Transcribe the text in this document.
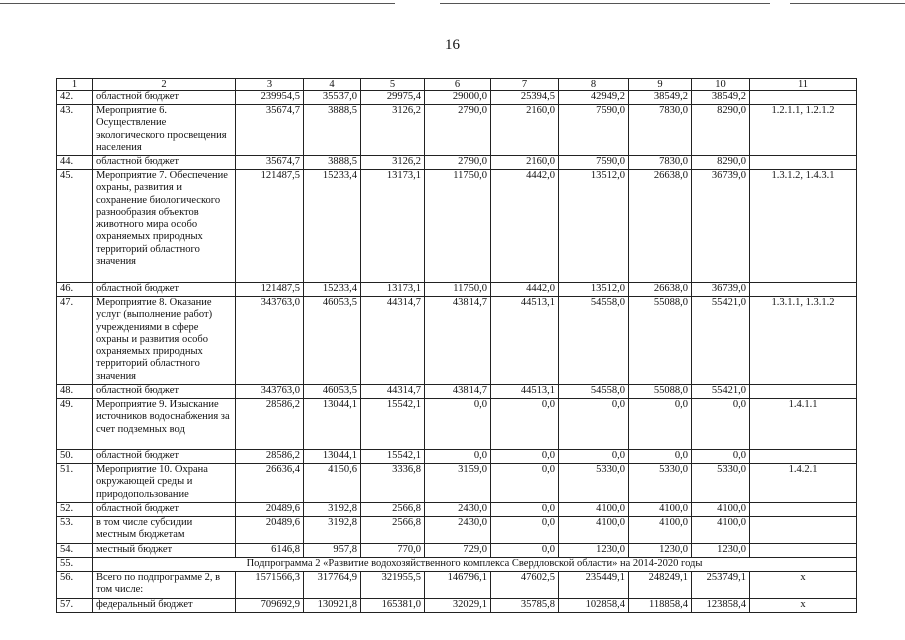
16
1	2	3	4	5	6	7	8	9	10	11
42.	областной бюджет	239954,5	35537,0	29975,4	29000,0	25394,5	42949,2	38549,2	38549,2	
43.	Мероприятие 6. Осуществление экологического просвещения населения	35674,7	3888,5	3126,2	2790,0	2160,0	7590,0	7830,0	8290,0	1.2.1.1, 1.2.1.2
44.	областной бюджет	35674,7	3888,5	3126,2	2790,0	2160,0	7590,0	7830,0	8290,0	
45.	Мероприятие 7. Обеспечение охраны, развития и сохранение биологического разнообразия объектов животного мира особо охраняемых природных территорий областного значения	121487,5	15233,4	13173,1	11750,0	4442,0	13512,0	26638,0	36739,0	1.3.1.2, 1.4.3.1
46.	областной бюджет	121487,5	15233,4	13173,1	11750,0	4442,0	13512,0	26638,0	36739,0	
47.	Мероприятие 8. Оказание услуг (выполнение работ) учреждениями в сфере охраны и развития особо охраняемых природных территорий областного значения	343763,0	46053,5	44314,7	43814,7	44513,1	54558,0	55088,0	55421,0	1.3.1.1, 1.3.1.2
48.	областной бюджет	343763,0	46053,5	44314,7	43814,7	44513,1	54558,0	55088,0	55421,0	
49.	Мероприятие 9. Изыскание источников водоснабжения за счет подземных вод	28586,2	13044,1	15542,1	0,0	0,0	0,0	0,0	0,0	1.4.1.1
50.	областной бюджет	28586,2	13044,1	15542,1	0,0	0,0	0,0	0,0	0,0	
51.	Мероприятие 10. Охрана окружающей среды и природопользование	26636,4	4150,6	3336,8	3159,0	0,0	5330,0	5330,0	5330,0	1.4.2.1
52.	областной бюджет	20489,6	3192,8	2566,8	2430,0	0,0	4100,0	4100,0	4100,0	
53.	в том числе субсидии местным бюджетам	20489,6	3192,8	2566,8	2430,0	0,0	4100,0	4100,0	4100,0	
54.	местный бюджет	6146,8	957,8	770,0	729,0	0,0	1230,0	1230,0	1230,0	
55.	Подпрограмма 2 «Развитие водохозяйственного комплекса Свердловской области» на 2014-2020 годы									
56.	Всего по подпрограмме 2, в том числе:	1571566,3	317764,9	321955,5	146796,1	47602,5	235449,1	248249,1	253749,1	x
57.	федеральный бюджет	709692,9	130921,8	165381,0	32029,1	35785,8	102858,4	118858,4	123858,4	x
